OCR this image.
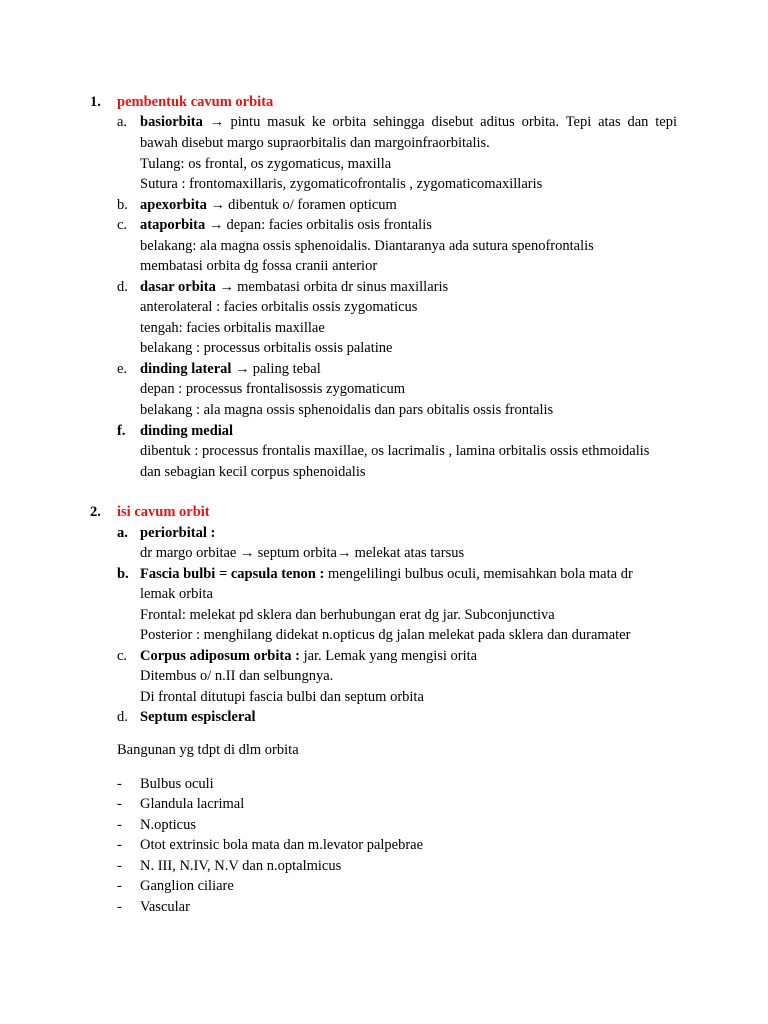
1. pembentuk cavum orbita
a. basiorbita → pintu masuk ke orbita sehingga disebut aditus orbita. Tepi atas dan tepi
bawah disebut margo supraorbitalis dan margoinfraorbitalis.
Tulang: os frontal, os zygomaticus, maxilla
Sutura : frontomaxillaris, zygomaticofrontalis , zygomaticomaxillaris
b. apexorbita → dibentuk o/ foramen opticum
c. ataporbita → depan: facies orbitalis osis frontalis
belakang: ala magna ossis sphenoidalis. Diantaranya ada sutura spenofrontalis
membatasi orbita dg fossa cranii anterior
d. dasar orbita → membatasi orbita dr sinus maxillaris
anterolateral : facies orbitalis ossis zygomaticus
tengah: facies orbitalis maxillae
belakang : processus orbitalis ossis palatine
e. dinding lateral → paling tebal
depan : processus frontalisossis zygomaticum
belakang : ala magna ossis sphenoidalis dan pars obitalis ossis frontalis
f. dinding medial
dibentuk : processus frontalis maxillae, os lacrimalis , lamina orbitalis ossis ethmoidalis
dan sebagian kecil corpus sphenoidalis
2. isi cavum orbit
a. periorbital :
dr margo orbitae → septum orbita→ melekat atas tarsus
b. Fascia bulbi = capsula tenon : mengelilingi bulbus oculi, memisahkan bola mata dr
lemak orbita
Frontal: melekat pd sklera dan berhubungan erat dg jar. Subconjunctiva
Posterior : menghilang didekat n.opticus dg jalan melekat pada sklera dan duramater
c. Corpus adiposum orbita : jar. Lemak yang mengisi orita
Ditembus o/ n.II dan selbungnya.
Di frontal ditutupi fascia bulbi dan septum orbita
d. Septum espiscleral
Bangunan yg tdpt di dlm orbita
- Bulbus oculi
- Glandula lacrimal
- N.opticus
- Otot extrinsic bola mata dan m.levator palpebrae
- N. III, N.IV, N.V dan n.optalmicus
- Ganglion ciliare
- Vascular
